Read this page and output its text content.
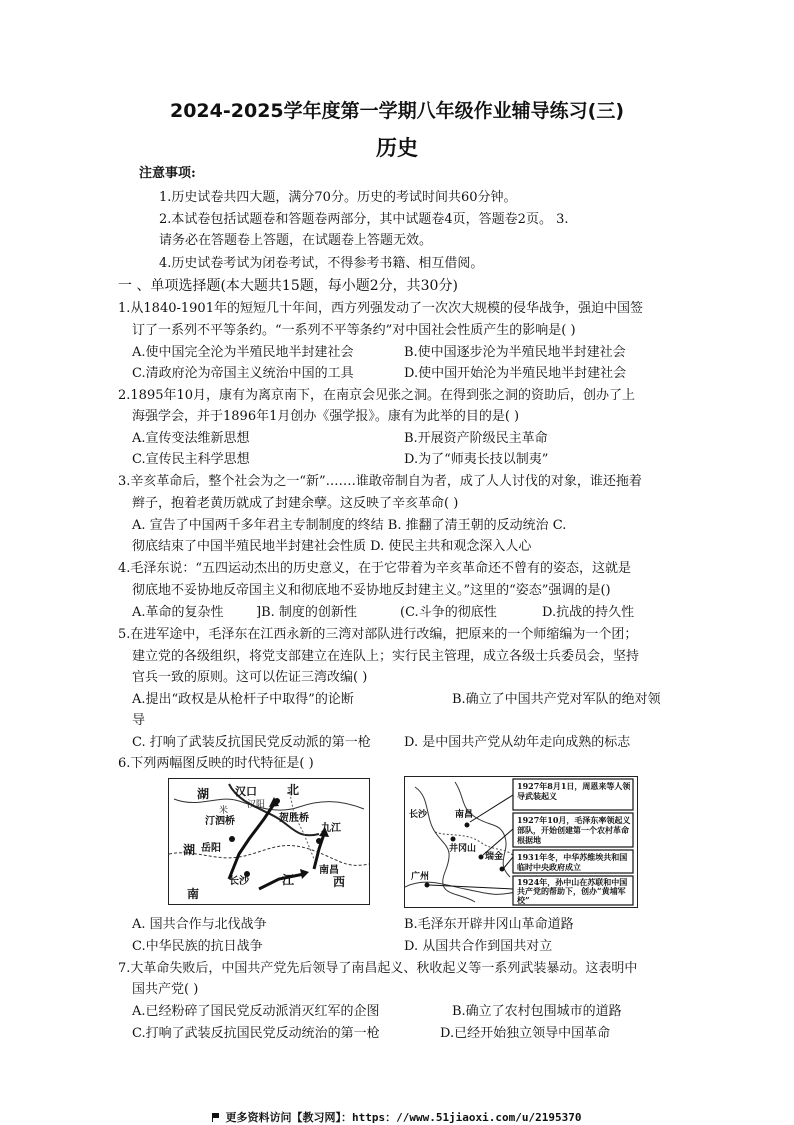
2024-2025学年度第一学期八年级作业辅导练习(三)
历史
注意事项:
1.历史试卷共四大题，满分70分。历史的考试时间共60分钟。
2.本试卷包括试题卷和答题卷两部分，其中试题卷4页，答题卷2页。 3.
请务必在答题卷上答题，在试题卷上答题无效。
4.历史试卷考试为闭卷考试，不得参考书籍、相互借阅。
一 、单项选择题(本大题共15题，每小题2分，共30分)
1.从1840-1901年的短短几十年间，西方列强发动了一次次大规模的侵华战争，强迫中国签
订了一系列不平等条约。“一系列不平等条约”对中国社会性质产生的影响是( )
A.使中国完全沦为半殖民地半封建社会	B.使中国逐步沦为半殖民地半封建社会
C.清政府沦为帝国主义统治中国的工具	D.使中国开始沦为半殖民地半封建社会
2.1895年10月，康有为离京南下，在南京会见张之洞。在得到张之洞的资助后，创办了上
海强学会，并于1896年1月创办《强学报》。康有为此举的目的是( )
A.宣传变法维新思想	B.开展资产阶级民主革命
C.宣传民主科学思想	D.为了“师夷长技以制夷”
3.辛亥革命后，整个社会为之一“新”.……谁敢帝制自为者，成了人人讨伐的对象，谁还拖着
辫子，抱着老黄历就成了封建余孽。这反映了辛亥革命( )
A. 宣告了中国两千多年君主专制制度的终结 B. 推翻了清王朝的反动统治 C.
彻底结束了中国半殖民地半封建社会性质 D. 使民主共和观念深入人心
4.毛泽东说：“五四运动杰出的历史意义，在于它带着为辛亥革命还不曾有的姿态，这就是
彻底地不妥协地反帝国主义和彻底地不妥协地反封建主义。”这里的“姿态”强调的是()
A.革命的复杂性 ]B. 制度的创新性	(C.斗争的彻底性	D.抗战的持久性
5.在进军途中，毛泽东在江西永新的三湾对部队进行改编，把原来的一个师缩编为一个团；
建立党的各级组织，将党支部建立在连队上；实行民主管理，成立各级士兵委员会，坚持
官兵一致的原则。这可以佐证三湾改编( )
A.提出“政权是从枪杆子中取得”的论断	B.确立了中国共产党对军队的绝对领
导
C. 打响了武装反抗国民党反动派的第一枪	D. 是中国共产党从幼年走向成熟的标志
6.下列两幅图反映的时代特征是( )
湖 汉口	北
汀泗桥	贺胜桥
九江
湖 岳阳
长沙	江
南昌
西
南
米
汉阳
长沙	南昌
井冈山
瑞金
广州
1927年8月1日，周恩来等人领导武装起义
1927年10月，毛泽东率领起义部队，开始创建第一个农村革命根据地
1931年冬，中华苏维埃共和国临时中央政府成立
1924年，孙中山在苏联和中国共产党的帮助下，创办“黄埔军校”
A. 国共合作与北伐战争	B.毛泽东开辟井冈山革命道路
C.中华民族的抗日战争	D. 从国共合作到国共对立
7.大革命失败后，中国共产党先后领导了南昌起义、秋收起义等一系列武装暴动。这表明中
国共产党( )
A.已经粉碎了国民党反动派消灭红军的企图	B.确立了农村包围城市的道路
C.打响了武装反抗国民党反动统治的第一枪	D.已经开始独立领导中国革命
更多资料访问【教习网】：https：//www.51jiaoxi.com/u/2195370
